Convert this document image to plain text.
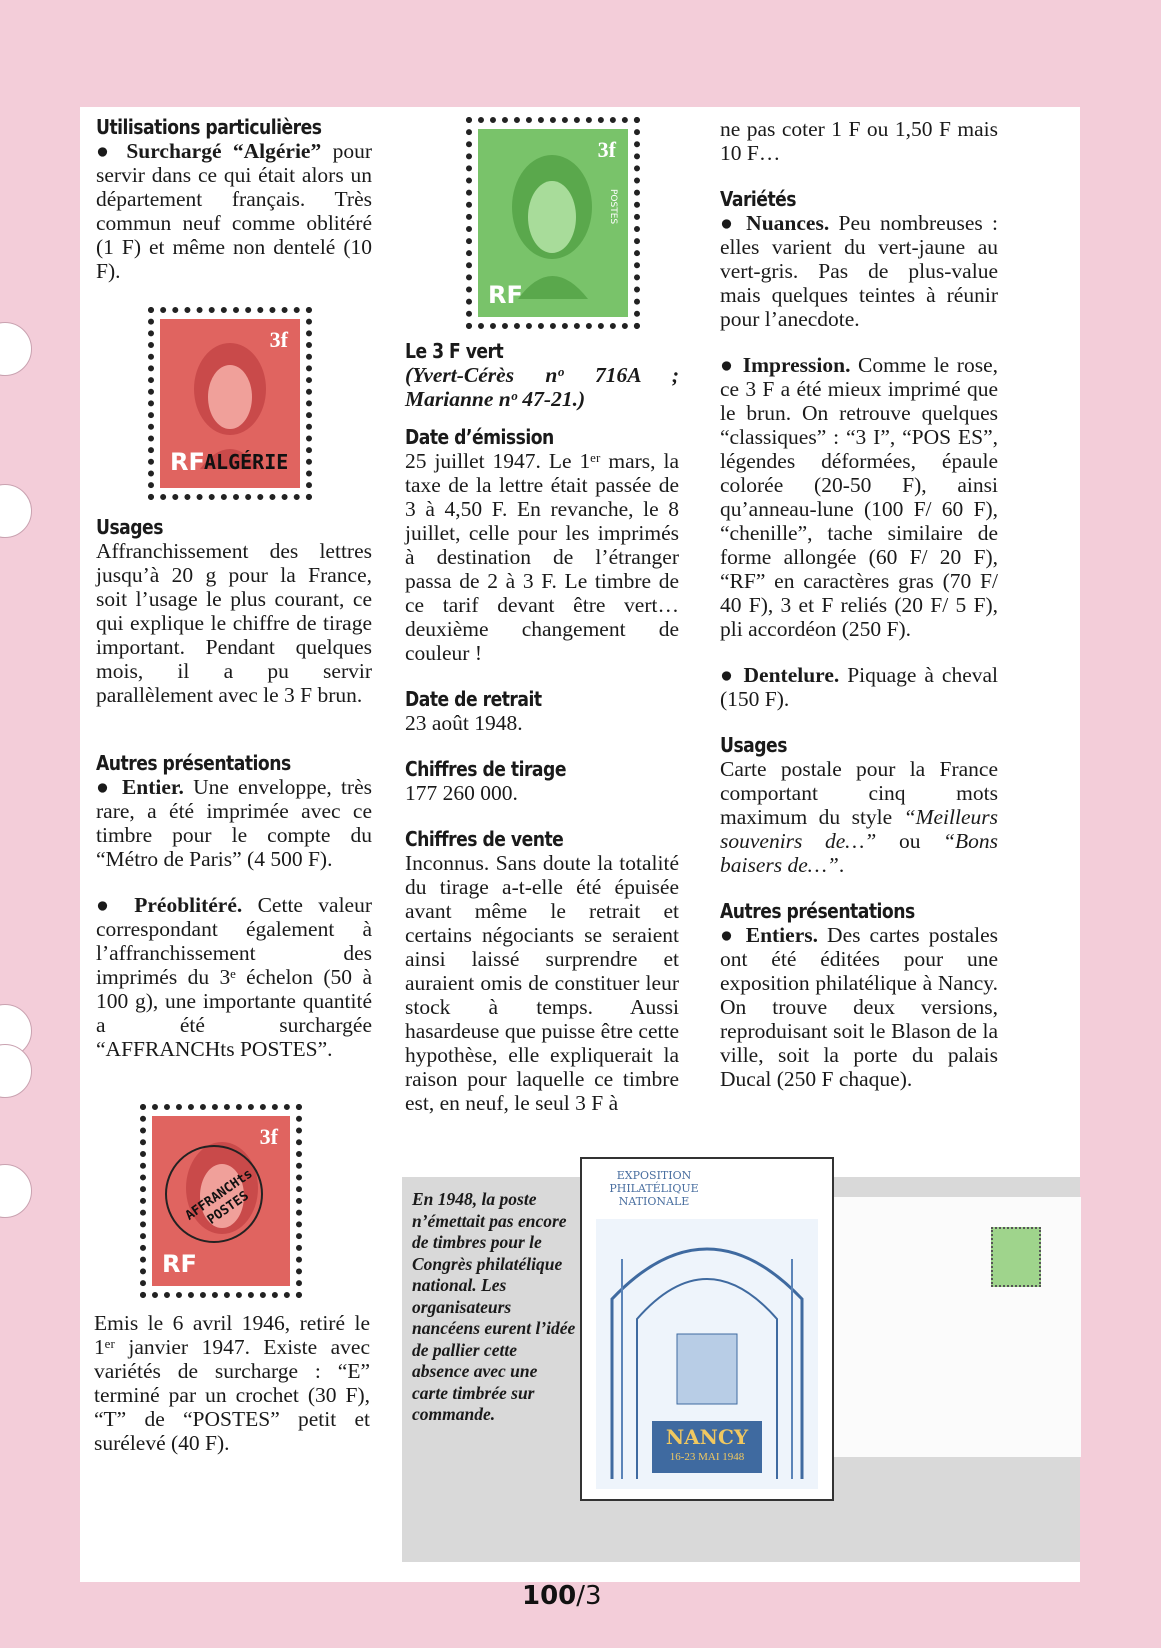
Utilisations particulières

● Surchargé “Algérie” pour servir dans ce qui était alors un département français. Très commun neuf comme oblitéré (1 F) et même non dentelé (10 F).

3f
RF ALGÉRIE
Usages

Affranchissement des lettres jusqu’à 20 g pour la France, soit l’usage le plus courant, ce qui explique le chiffre de tirage important. Pendant quelques mois, il a pu servir parallèlement avec le 3 F brun.

Autres présentations

● Entier. Une enveloppe, très rare, a été imprimée avec ce timbre pour le compte du “Métro de Paris” (4 500 F).

● Préoblitéré. Cette valeur correspondant également à l’affranchissement des imprimés du 3ᵉ échelon (50 à 100 g), une importante quantité a été surchargée “AFFRANCHts POSTES”.

3f
RF
AFFRANCHts POSTES

Emis le 6 avril 1946, retiré le 1ᵉʳ janvier 1947. Existe avec variétés de surcharge : “E” terminé par un crochet (30 F), “T” de “POSTES” petit et surélevé (40 F).

3f
POSTES
RF
Le 3 F vert

(Yvert-Cérès nᵒ 716A ; Marianne nᵒ 47-21.)

Date d’émission

25 juillet 1947. Le 1ᵉʳ mars, la taxe de la lettre était passée de 3 à 4,50 F. En revanche, le 8 juillet, celle pour les imprimés à destination de l’étranger passa de 2 à 3 F. Le timbre de ce tarif devant être vert… deuxième changement de couleur !

Date de retrait

23 août 1948.

Chiffres de tirage

177 260 000.

Chiffres de vente

Inconnus. Sans doute la totalité du tirage a-t-elle été épuisée avant même le retrait et certains négociants se seraient ainsi laissé surprendre et auraient omis de constituer leur stock à temps. Aussi hasardeuse que puisse être cette hypothèse, elle expliquerait la raison pour laquelle ce timbre est, en neuf, le seul 3 F à

ne pas coter 1 F ou 1,50 F mais 10 F…

Variétés

● Nuances. Peu nombreuses : elles varient du vert-jaune au vert-gris. Pas de plus-value mais quelques teintes à réunir pour l’anecdote.

● Impression. Comme le rose, ce 3 F a été mieux imprimé que le brun. On retrouve quelques “classiques” : “3 I”, “POS ES”, légendes déformées, épaule colorée (20-50 F), ainsi qu’anneau-lune (100 F/ 60 F), “chenille”, tache similaire de forme allongée (60 F/ 20 F), “RF” en caractères gras (70 F/ 40 F), 3 et F reliés (20 F/ 5 F), pli accordéon (250 F).

● Dentelure. Piquage à cheval (150 F).

Usages

Carte postale pour la France comportant cinq mots maximum du style “Meilleurs souvenirs de…” ou “Bons baisers de…”.

Autres présentations

● Entiers. Des cartes postales ont été éditées pour une exposition philatélique à Nancy. On trouve deux versions, reproduisant soit le Blason de la ville, soit la porte du palais Ducal (250 F chaque).

En 1948, la poste n’émettait pas encore de timbres pour le Congrès philatélique national. Les organisateurs nancéens eurent l’idée de pallier cette absence avec une carte timbrée sur commande.
EXPOSITION PHILATÉLIQUE NATIONALE
NANCY
16-23 MAI 1948
100/3
